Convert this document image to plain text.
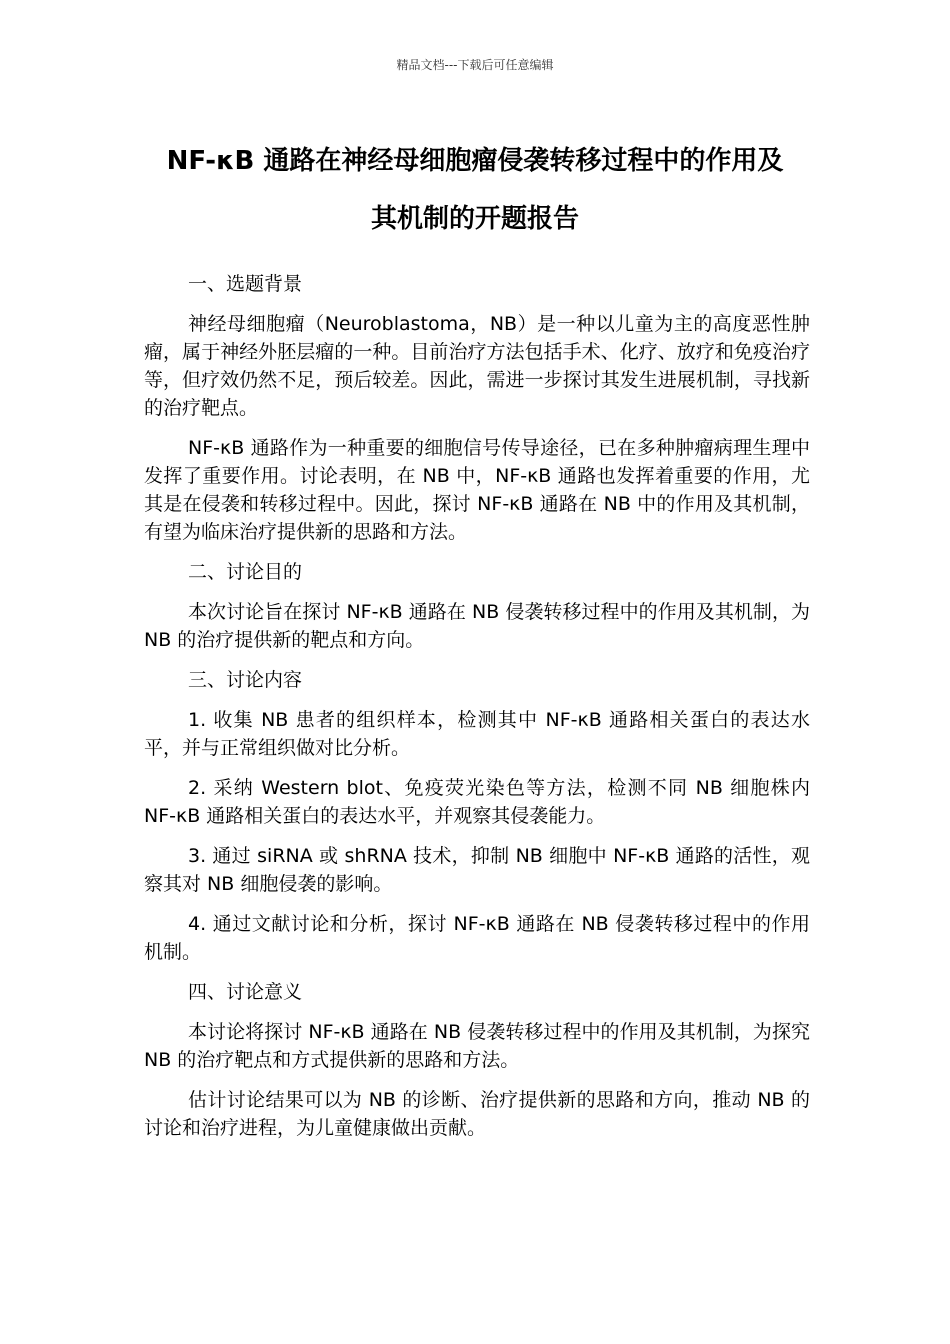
精品文档---下载后可任意编辑
NF-κB 通路在神经母细胞瘤侵袭转移过程中的作用及
其机制的开题报告
一、选题背景
神经母细胞瘤（Neuroblastoma，NB）是一种以儿童为主的高度恶性肿瘤，属于神经外胚层瘤的一种。目前治疗方法包括手术、化疗、放疗和免疫治疗等，但疗效仍然不足，预后较差。因此，需进一步探讨其发生进展机制，寻找新的治疗靶点。
NF-κB 通路作为一种重要的细胞信号传导途径，已在多种肿瘤病理生理中发挥了重要作用。讨论表明，在 NB 中，NF-κB 通路也发挥着重要的作用，尤其是在侵袭和转移过程中。因此，探讨 NF-κB 通路在 NB 中的作用及其机制，有望为临床治疗提供新的思路和方法。
二、讨论目的
本次讨论旨在探讨 NF-κB 通路在 NB 侵袭转移过程中的作用及其机制，为 NB 的治疗提供新的靶点和方向。
三、讨论内容
1. 收集 NB 患者的组织样本，检测其中 NF-κB 通路相关蛋白的表达水平，并与正常组织做对比分析。
2. 采纳 Western blot、免疫荧光染色等方法，检测不同 NB 细胞株内 NF-κB 通路相关蛋白的表达水平，并观察其侵袭能力。
3. 通过 siRNA 或 shRNA 技术，抑制 NB 细胞中 NF-κB 通路的活性，观察其对 NB 细胞侵袭的影响。
4. 通过文献讨论和分析，探讨 NF-κB 通路在 NB 侵袭转移过程中的作用机制。
四、讨论意义
本讨论将探讨 NF-κB 通路在 NB 侵袭转移过程中的作用及其机制，为探究 NB 的治疗靶点和方式提供新的思路和方法。
估计讨论结果可以为 NB 的诊断、治疗提供新的思路和方向，推动 NB 的讨论和治疗进程，为儿童健康做出贡献。
